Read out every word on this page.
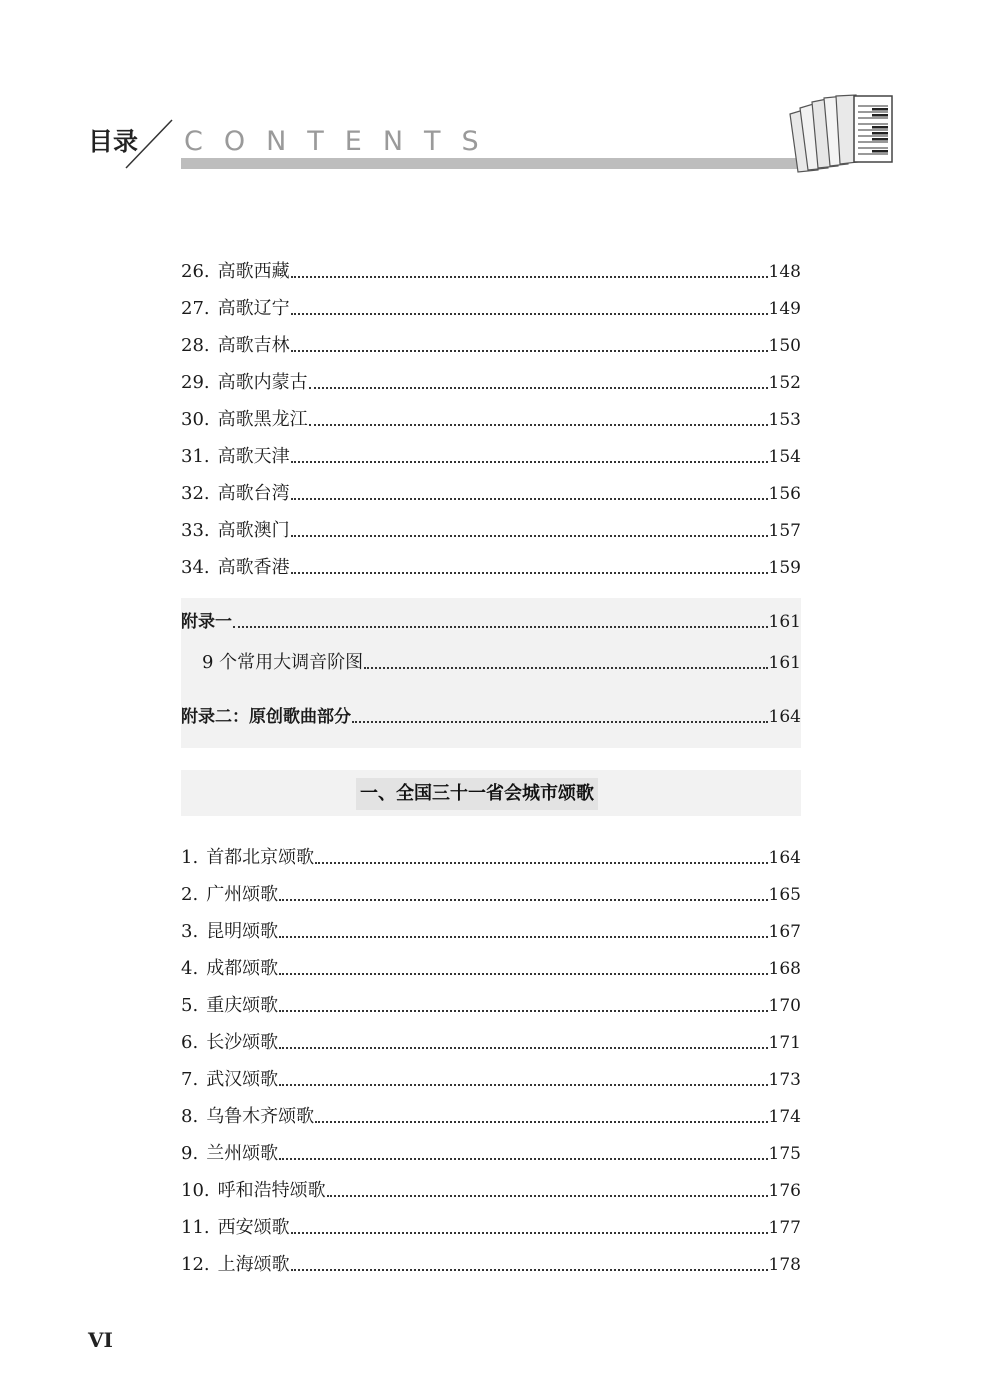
目录 CONTENTS
26. 高歌西藏	148
27. 高歌辽宁	149
28. 高歌吉林	150
29. 高歌内蒙古	152
30. 高歌黑龙江	153
31. 高歌天津	154
32. 高歌台湾	156
33. 高歌澳门	157
34. 高歌香港	159
附录一	161
9 个常用大调音阶图	161
附录二：原创歌曲部分	164
一、全国三十一省会城市颂歌
1. 首都北京颂歌	164
2. 广州颂歌	165
3. 昆明颂歌	167
4. 成都颂歌	168
5. 重庆颂歌	170
6. 长沙颂歌	171
7. 武汉颂歌	173
8. 乌鲁木齐颂歌	174
9. 兰州颂歌	175
10. 呼和浩特颂歌	176
11. 西安颂歌	177
12. 上海颂歌	178
VI
